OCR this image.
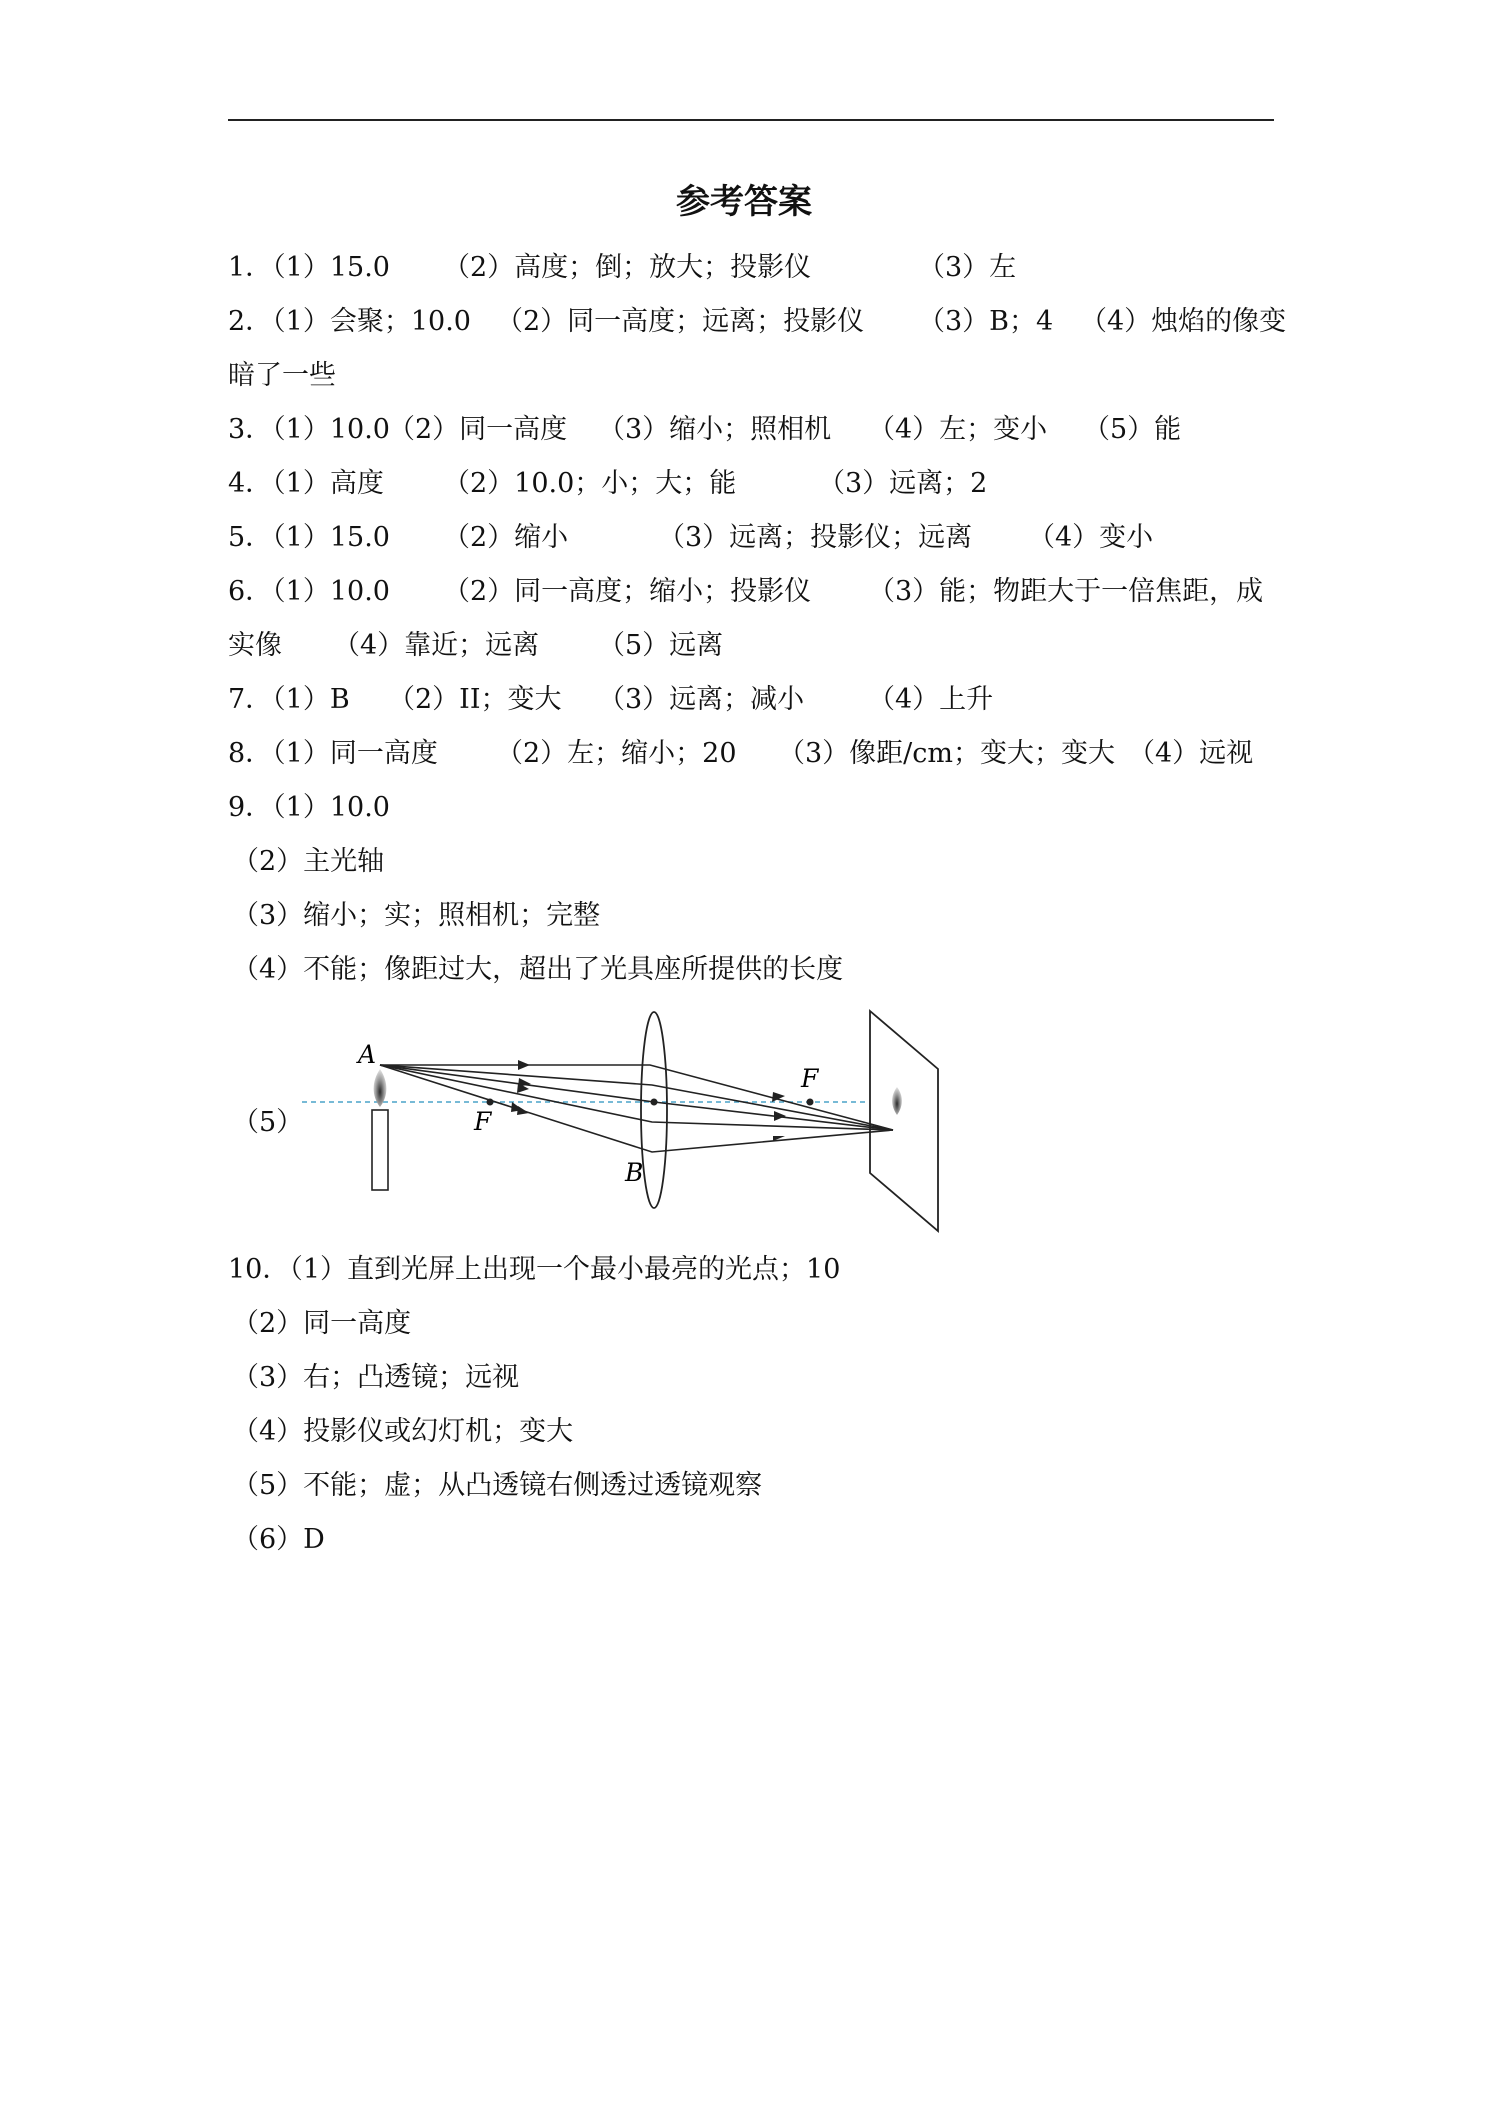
参考答案

1．（1）15.0

（2）高度；倒；放大；投影仪

	（3）左

2．（1）会聚；10.0

（2）同一高度；远离；投影仪

（3）B；4

（4）烛焰的像变

暗了一些

3．（1）10.0

（2）同一高度

（3）缩小；照相机

（4）左；变小

（5）能

4．（1）高度

（2）10.0；小；大；能

	（3）远离；2

5．（1）15.0

（2）缩小

	（3）远离；投影仪；远离

（4）变小

6．（1）10.0

（2）同一高度；缩小；投影仪

（3）能；物距大于一倍焦距，成

实像

（4）靠近；远离

（5）远离

7．（1）B

（2）II；变大

（3）远离；减小

（4）上升

8．（1）同一高度

（2）左；缩小；20

（3）像距/cm；变大；变大

（4）远视

9．（1）10.0
（2）主光轴
（3）缩小；实；照相机；完整
（4）不能；像距过大，超出了光具座所提供的长度
（5）
A
F
F
B
10．（1）直到光屏上出现一个最小最亮的光点；10
（2）同一高度
（3）右；凸透镜；远视
（4）投影仪或幻灯机；变大
（5）不能；虚；从凸透镜右侧透过透镜观察
（6）D
